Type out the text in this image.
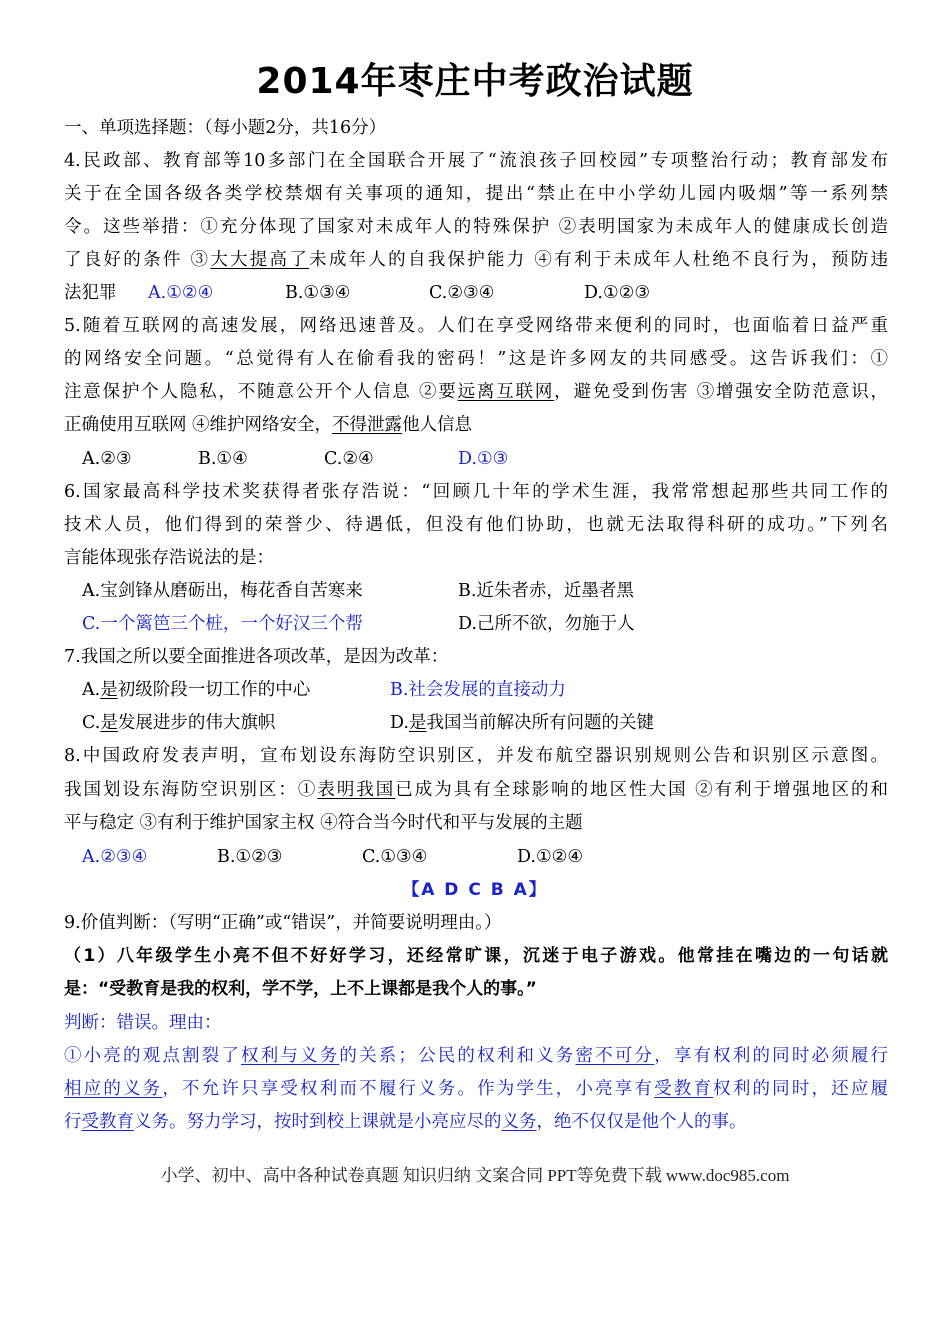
2014年枣庄中考政治试题
一、单项选择题：（每小题2分，共16分）
4.民政部、教育部等10多部门在全国联合开展了“流浪孩子回校园”专项整治行动；教育部发布
关于在全国各级各类学校禁烟有关事项的通知，提出“禁止在中小学幼儿园内吸烟”等一系列禁
令。这些举措：①充分体现了国家对未成年人的特殊保护 ②表明国家为未成年人的健康成长创造
了良好的条件 ③大大提高了未成年人的自我保护能力 ④有利于未成年人杜绝不良行为，预防违
法犯罪 A.①②④	B.①③④	C.②③④	D.①②③
5.随着互联网的高速发展，网络迅速普及。人们在享受网络带来便利的同时，也面临着日益严重
的网络安全问题。“总觉得有人在偷看我的密码！”这是许多网友的共同感受。这告诉我们：①
注意保护个人隐私，不随意公开个人信息 ②要远离互联网，避免受到伤害 ③增强安全防范意识，
正确使用互联网 ④维护网络安全，不得泄露他人信息
A.②③	B.①④	C.②④	D.①③
6.国家最高科学技术奖获得者张存浩说：“回顾几十年的学术生涯，我常常想起那些共同工作的
技术人员，他们得到的荣誉少、待遇低，但没有他们协助，也就无法取得科研的成功。”下列名
言能体现张存浩说法的是：
A.宝剑锋从磨砺出，梅花香自苦寒来	B.近朱者赤，近墨者黑
C.一个篱笆三个桩，一个好汉三个帮	D.己所不欲，勿施于人
7.我国之所以要全面推进各项改革，是因为改革：
A.是初级阶段一切工作的中心	B.社会发展的直接动力
C.是发展进步的伟大旗帜	D.是我国当前解决所有问题的关键
8.中国政府发表声明，宣布划设东海防空识别区，并发布航空器识别规则公告和识别区示意图。
我国划设东海防空识别区：①表明我国已成为具有全球影响的地区性大国 ②有利于增强地区的和
平与稳定 ③有利于维护国家主权 ④符合当今时代和平与发展的主题
A.②③④	B.①②③	C.①③④	D.①②④
【A D C B A】
9.价值判断：（写明“正确”或“错误”，并简要说明理由。）
（1）八年级学生小亮不但不好好学习，还经常旷课，沉迷于电子游戏。他常挂在嘴边的一句话就
是：“受教育是我的权利，学不学，上不上课都是我个人的事。”
判断：错误。理由：
①小亮的观点割裂了权利与义务的关系；公民的权利和义务密不可分，享有权利的同时必须履行
相应的义务，不允许只享受权利而不履行义务。作为学生，小亮享有受教育权利的同时，还应履
行受教育义务。努力学习，按时到校上课就是小亮应尽的义务，绝不仅仅是他个人的事。
小学、初中、高中各种试卷真题 知识归纳 文案合同 PPT等免费下载 www.doc985.com
